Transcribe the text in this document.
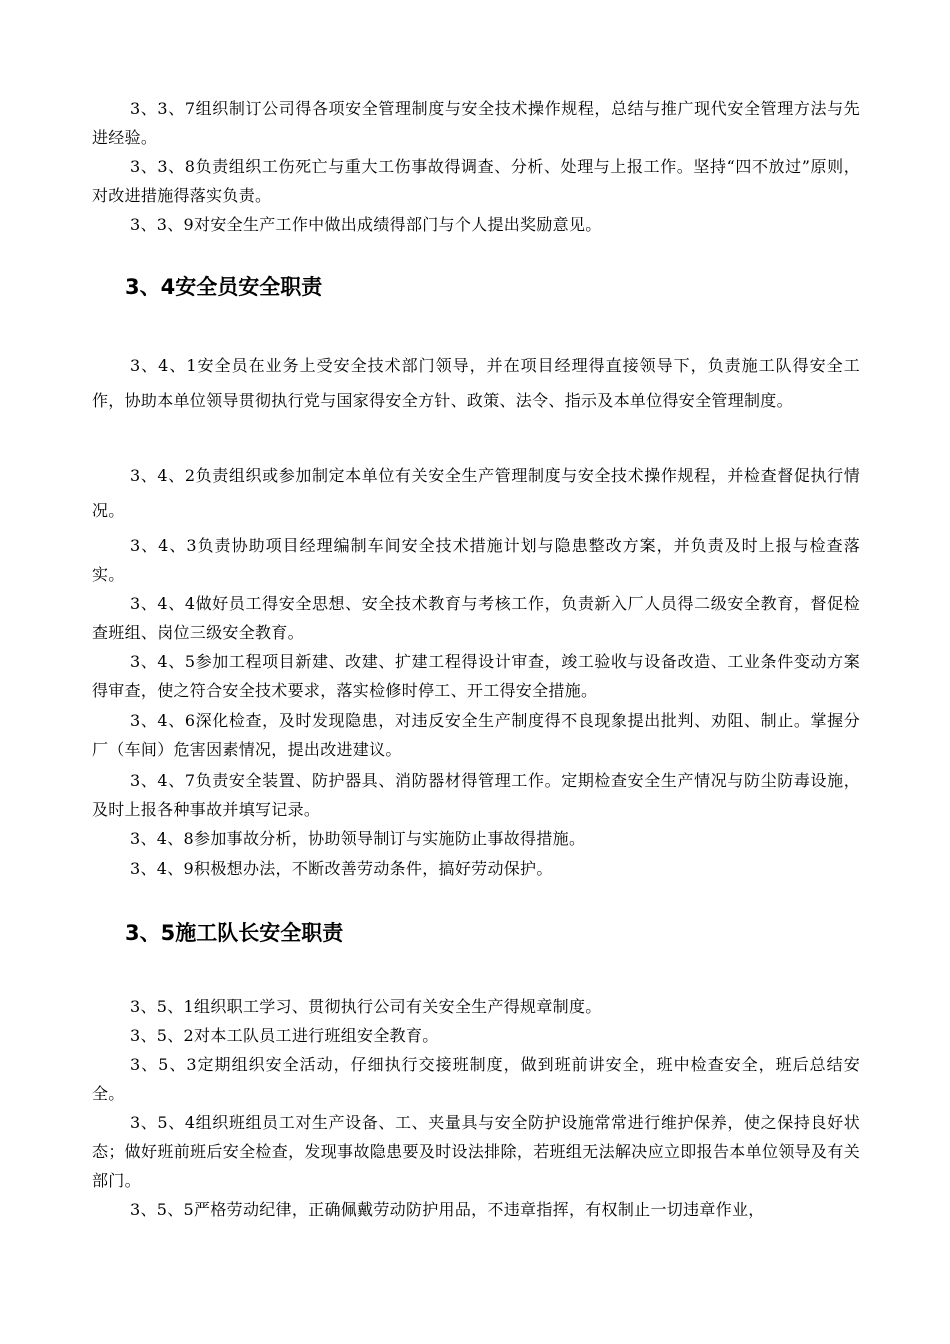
3、3、7组织制订公司得各项安全管理制度与安全技术操作规程，总结与推广现代安全管理方法与先进经验。

3、3、8负责组织工伤死亡与重大工伤事故得调查、分析、处理与上报工作。坚持“四不放过”原则，对改进措施得落实负责。

3、3、9对安全生产工作中做出成绩得部门与个人提出奖励意见。

3、4安全员安全职责

3、4、1安全员在业务上受安全技术部门领导，并在项目经理得直接领导下，负责施工队得安全工作，协助本单位领导贯彻执行党与国家得安全方针、政策、法令、指示及本单位得安全管理制度。

3、4、2负责组织或参加制定本单位有关安全生产管理制度与安全技术操作规程，并检查督促执行情况。

3、4、3负责协助项目经理编制车间安全技术措施计划与隐患整改方案，并负责及时上报与检查落实。

3、4、4做好员工得安全思想、安全技术教育与考核工作，负责新入厂人员得二级安全教育，督促检查班组、岗位三级安全教育。

3、4、5参加工程项目新建、改建、扩建工程得设计审查，竣工验收与设备改造、工业条件变动方案得审查，使之符合安全技术要求，落实检修时停工、开工得安全措施。

3、4、6深化检查，及时发现隐患，对违反安全生产制度得不良现象提出批判、劝阻、制止。掌握分厂（车间）危害因素情况，提出改进建议。

3、4、7负责安全装置、防护器具、消防器材得管理工作。定期检查安全生产情况与防尘防毒设施，及时上报各种事故并填写记录。

3、4、8参加事故分析，协助领导制订与实施防止事故得措施。

3、4、9积极想办法，不断改善劳动条件，搞好劳动保护。

3、5施工队长安全职责

3、5、1组织职工学习、贯彻执行公司有关安全生产得规章制度。

3、5、2对本工队员工进行班组安全教育。

3、5、3定期组织安全活动，仔细执行交接班制度，做到班前讲安全，班中检查安全，班后总结安全。

3、5、4组织班组员工对生产设备、工、夹量具与安全防护设施常常进行维护保养，使之保持良好状态；做好班前班后安全检查，发现事故隐患要及时设法排除，若班组无法解决应立即报告本单位领导及有关部门。

3、5、5严格劳动纪律，正确佩戴劳动防护用品，不违章指挥，有权制止一切违章作业，
